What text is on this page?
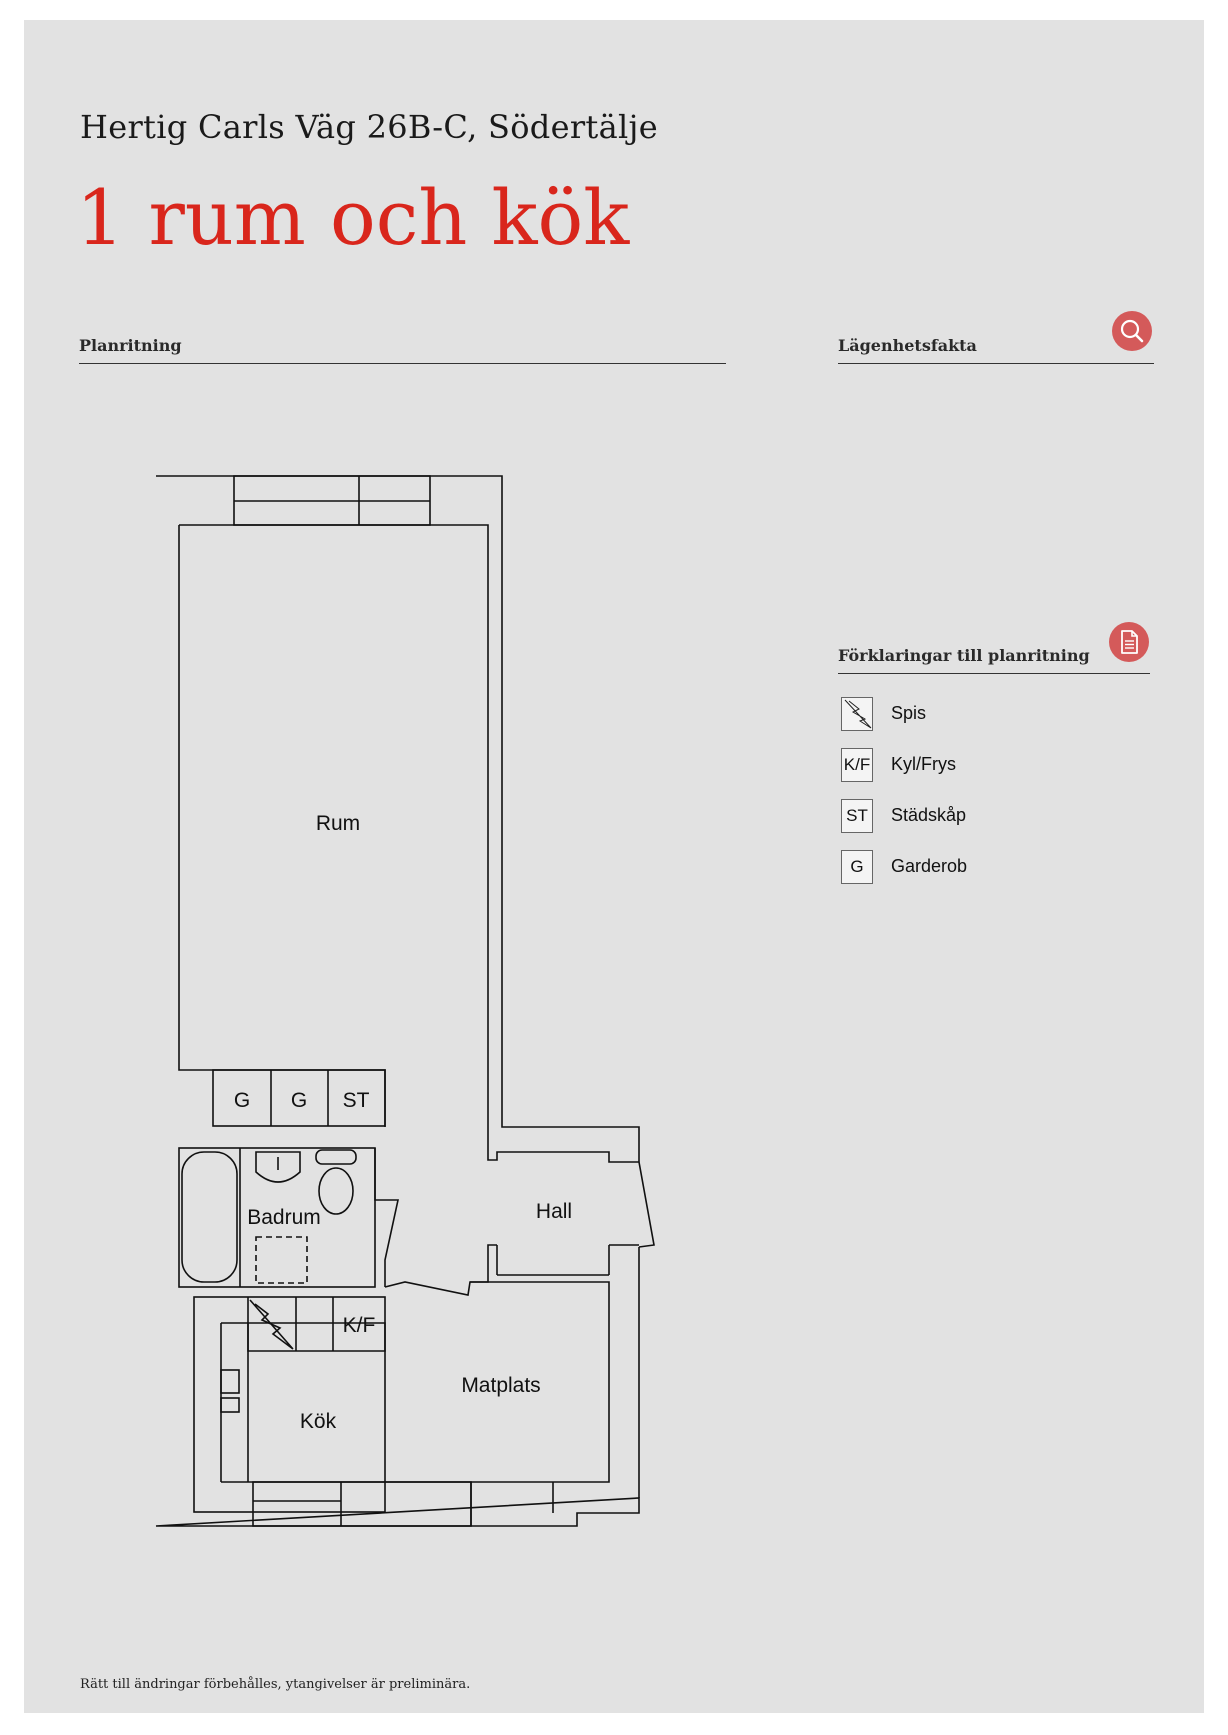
Hertig Carls Väg 26B-C, Södertälje
1 rum och kök
Planritning	Lägenhetsfakta
Förklaringar till planritning
Spis
K/F Kyl/Frys
ST Städskåp
G	Garderob
Rum
Badrum	Hall
Kök
Matplats
G G ST
K/F
Rätt till ändringar förbehålles, ytangivelser är preliminära.
